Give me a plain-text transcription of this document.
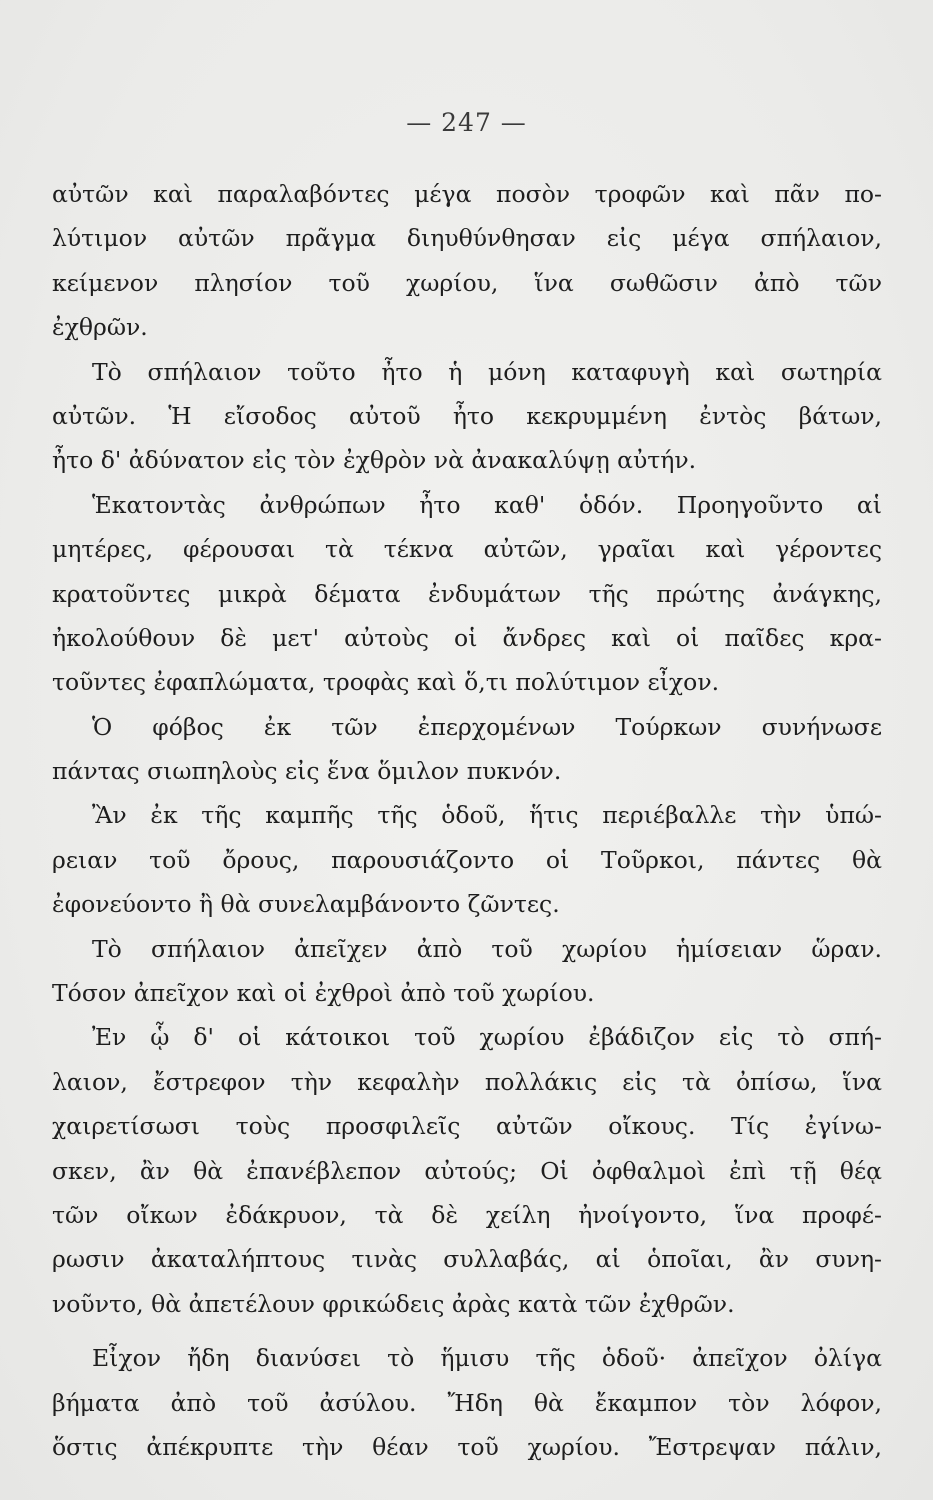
— 247 —
αὐτῶν καὶ παραλαβόντες μέγα ποσὸν τροφῶν καὶ πᾶν πο-
λύτιμον αὐτῶν πρᾶγμα διηυθύνθησαν εἰς μέγα σπήλαιον,
κείμενον πλησίον τοῦ χωρίου, ἵνα σωθῶσιν ἀπὸ τῶν
ἐχθρῶν.
Τὸ σπήλαιον τοῦτο ἦτο ἡ μόνη καταφυγὴ καὶ σωτηρία
αὐτῶν. Ἡ εἴσοδος αὐτοῦ ἦτο κεκρυμμένη ἐντὸς βάτων,
ἦτο δ' ἀδύνατον εἰς τὸν ἐχθρὸν νὰ ἀνακαλύψῃ αὐτήν.
Ἑκατοντὰς ἀνθρώπων ἦτο καθ' ὁδόν. Προηγοῦντο αἱ
μητέρες, φέρουσαι τὰ τέκνα αὐτῶν, γραῖαι καὶ γέροντες
κρατοῦντες μικρὰ δέματα ἐνδυμάτων τῆς πρώτης ἀνάγκης,
ἠκολούθουν δὲ μετ' αὐτοὺς οἱ ἄνδρες καὶ οἱ παῖδες κρα-
τοῦντες ἐφαπλώματα, τροφὰς καὶ ὅ,τι πολύτιμον εἶχον.
Ὁ φόβος ἐκ τῶν ἐπερχομένων Τούρκων συνήνωσε
πάντας σιωπηλοὺς εἰς ἕνα ὅμιλον πυκνόν.
Ἂν ἐκ τῆς καμπῆς τῆς ὁδοῦ, ἥτις περιέβαλλε τὴν ὑπώ-
ρειαν τοῦ ὄρους, παρουσιάζοντο οἱ Τοῦρκοι, πάντες θὰ
ἐφονεύοντο ἢ θὰ συνελαμβάνοντο ζῶντες.
Τὸ σπήλαιον ἀπεῖχεν ἀπὸ τοῦ χωρίου ἡμίσειαν ὥραν.
Τόσον ἀπεῖχον καὶ οἱ ἐχθροὶ ἀπὸ τοῦ χωρίου.
Ἐν ᾧ δ' οἱ κάτοικοι τοῦ χωρίου ἐβάδιζον εἰς τὸ σπή-
λαιον, ἔστρεφον τὴν κεφαλὴν πολλάκις εἰς τὰ ὀπίσω, ἵνα
χαιρετίσωσι τοὺς προσφιλεῖς αὐτῶν οἴκους. Τίς ἐγίνω-
σκεν, ἂν θὰ ἐπανέβλεπον αὐτούς; Οἱ ὀφθαλμοὶ ἐπὶ τῇ θέᾳ
τῶν οἴκων ἐδάκρυον, τὰ δὲ χείλη ἠνοίγοντο, ἵνα προφέ-
ρωσιν ἀκαταλήπτους τινὰς συλλαβάς, αἱ ὁποῖαι, ἂν συνη-
νοῦντο, θὰ ἀπετέλουν φρικώδεις ἀρὰς κατὰ τῶν ἐχθρῶν.
Εἶχον ἤδη διανύσει τὸ ἥμισυ τῆς ὁδοῦ· ἀπεῖχον ὀλίγα
βήματα ἀπὸ τοῦ ἀσύλου. Ἤδη θὰ ἔκαμπον τὸν λόφον,
ὅστις ἀπέκρυπτε τὴν θέαν τοῦ χωρίου. Ἔστρεψαν πάλιν,
